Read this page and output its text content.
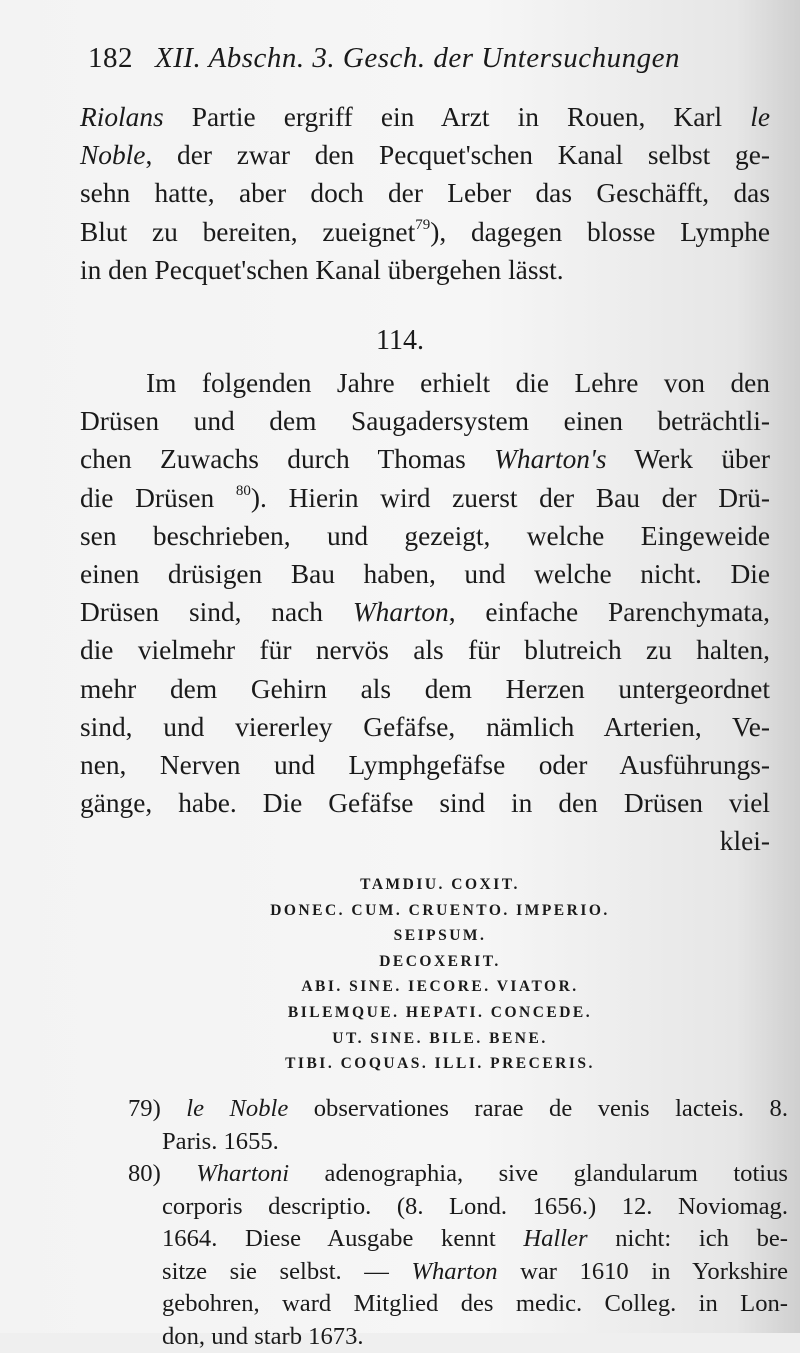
182 XII. Abschn. 3. Gesch. der Untersuchungen
Riolans Partie ergriff ein Arzt in Rouen, Karl le
Noble, der zwar den Pecquet'schen Kanal selbst ge-
sehn hatte, aber doch der Leber das Geschäfft, das
Blut zu bereiten, zueignet$^{79}$), dagegen blosse Lymphe
in den Pecquet'schen Kanal übergehen lässt.
114.
Im folgenden Jahre erhielt die Lehre von den
Drüsen und dem Saugadersystem einen beträchtli-
chen Zuwachs durch Thomas Wharton's Werk über
die Drüsen $^{80}$). Hierin wird zuerst der Bau der Drü-
sen beschrieben, und gezeigt, welche Eingeweide
einen drüsigen Bau haben, und welche nicht. Die
Drüsen sind, nach Wharton, einfache Parenchymata,
die vielmehr für nervös als für blutreich zu halten,
mehr dem Gehirn als dem Herzen untergeordnet
sind, und viererley Gefäfse, nämlich Arterien, Ve-
nen, Nerven und Lymphgefäfse oder Ausführungs-
gänge, habe. Die Gefäfse sind in den Drüsen viel
klei-
TAMDIU. COXIT.
DONEC. CUM. CRUENTO. IMPERIO.
SEIPSUM.
DECOXERIT.
ABI. SINE. IECORE. VIATOR.
BILEMQUE. HEPATI. CONCEDE.
UT. SINE. BILE. BENE.
TIBI. COQUAS. ILLI. PRECERIS.
79) le Noble observationes rarae de venis lacteis. 8.
Paris. 1655.
80) Whartoni adenographia, sive glandularum totius
corporis descriptio. (8. Lond. 1656.) 12. Noviomag.
1664. Diese Ausgabe kennt Haller nicht: ich be-
sitze sie selbst. — Wharton war 1610 in Yorkshire
gebohren, ward Mitglied des medic. Colleg. in Lon-
don, und starb 1673.
